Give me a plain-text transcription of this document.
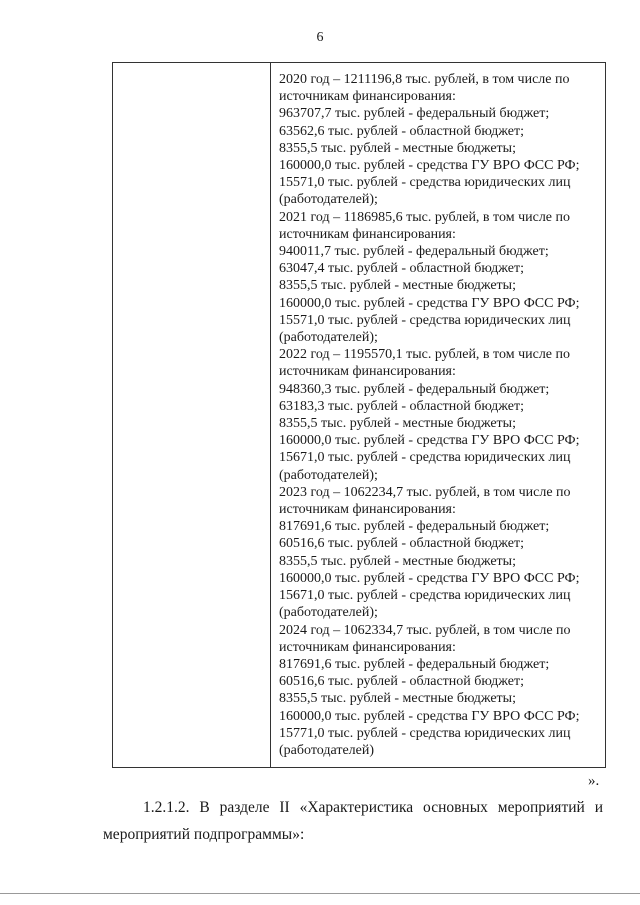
6
2020 год – 1211196,8 тыс. рублей, в том числе по
источникам финансирования:
963707,7 тыс. рублей - федеральный бюджет;
63562,6 тыс. рублей - областной бюджет;
8355,5 тыс. рублей - местные бюджеты;
160000,0 тыс. рублей - средства ГУ ВРО ФСС РФ;
15571,0 тыс. рублей - средства юридических лиц
(работодателей);
2021 год – 1186985,6 тыс. рублей, в том числе по
источникам финансирования:
940011,7 тыс. рублей - федеральный бюджет;
63047,4 тыс. рублей - областной бюджет;
8355,5 тыс. рублей - местные бюджеты;
160000,0 тыс. рублей - средства ГУ ВРО ФСС РФ;
15571,0 тыс. рублей - средства юридических лиц
(работодателей);
2022 год – 1195570,1 тыс. рублей, в том числе по
источникам финансирования:
948360,3 тыс. рублей - федеральный бюджет;
63183,3 тыс. рублей - областной бюджет;
8355,5 тыс. рублей - местные бюджеты;
160000,0 тыс. рублей - средства ГУ ВРО ФСС РФ;
15671,0 тыс. рублей - средства юридических лиц
(работодателей);
2023 год – 1062234,7 тыс. рублей, в том числе по
источникам финансирования:
817691,6 тыс. рублей - федеральный бюджет;
60516,6 тыс. рублей - областной бюджет;
8355,5 тыс. рублей - местные бюджеты;
160000,0 тыс. рублей - средства ГУ ВРО ФСС РФ;
15671,0 тыс. рублей - средства юридических лиц
(работодателей);
2024 год – 1062334,7 тыс. рублей, в том числе по
источникам финансирования:
817691,6 тыс. рублей - федеральный бюджет;
60516,6 тыс. рублей - областной бюджет;
8355,5 тыс. рублей - местные бюджеты;
160000,0 тыс. рублей - средства ГУ ВРО ФСС РФ;
15771,0 тыс. рублей - средства юридических лиц
(работодателей)
».
1.2.1.2. В разделе II «Характеристика основных мероприятий и
мероприятий подпрограммы»:
